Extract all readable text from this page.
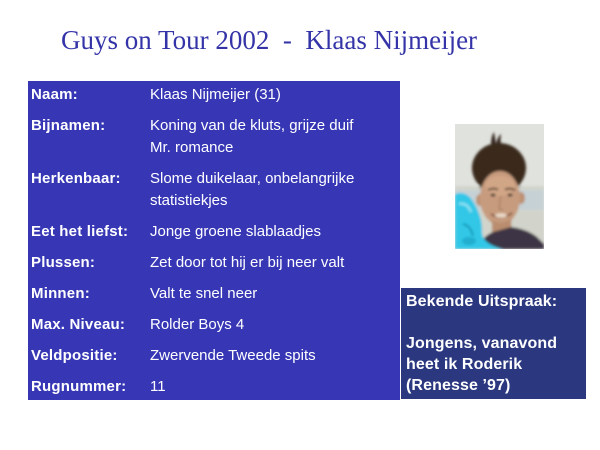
Guys on Tour 2002  -  Klaas Nijmeijer
Naam:	Klaas Nijmeijer (31)
Bijnamen:	Koning van de kluts, grijze duif
Mr. romance
Herkenbaar:	Slome duikelaar, onbelangrijke
statistiekjes
Eet het liefst:	Jonge groene slablaadjes
Plussen:	Zet door tot hij er bij neer valt
Minnen:	Valt te snel neer
Max. Niveau:	Rolder Boys 4
Veldpositie:	Zwervende Tweede spits
Rugnummer:	11
Bekende Uitspraak:
Jongens, vanavond
heet ik Roderik
(Renesse ’97)
